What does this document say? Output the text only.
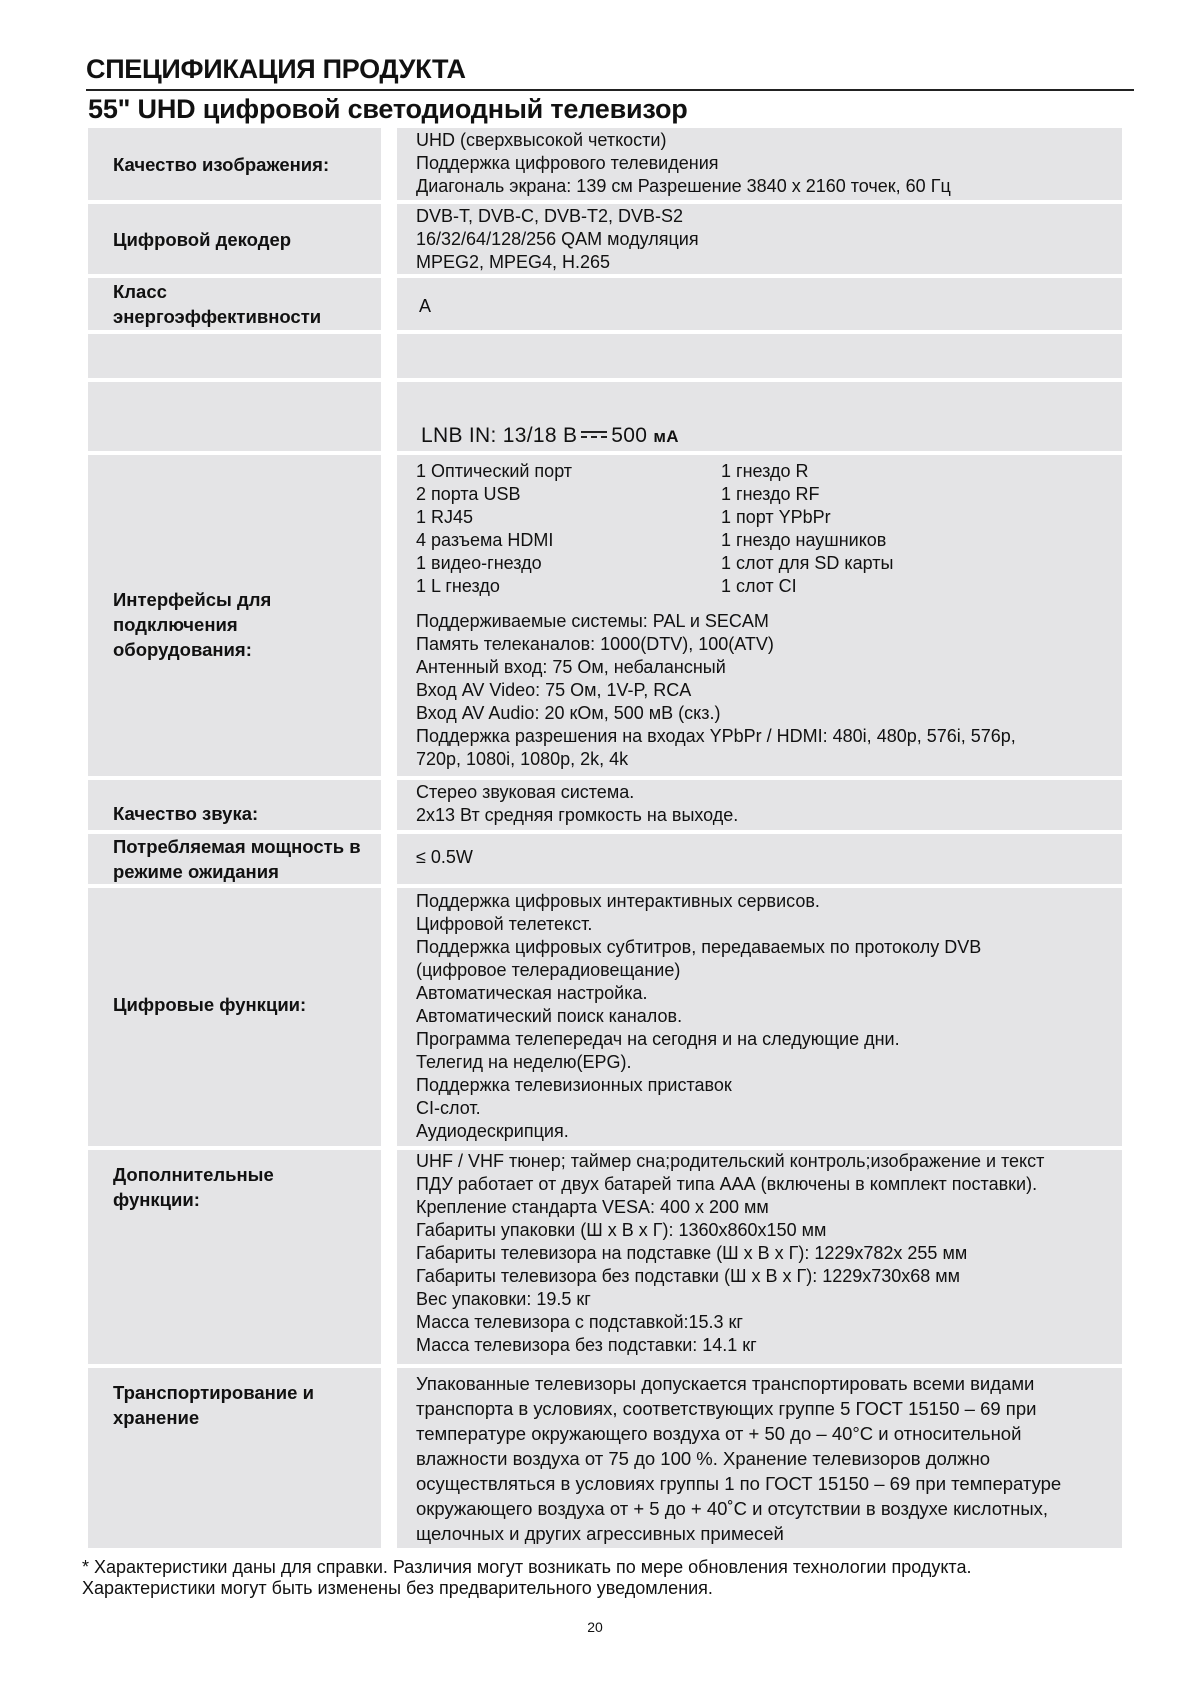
СПЕЦИФИКАЦИЯ ПРОДУКТА
55" UHD цифровой светодиодный телевизор
Качество изображения:
UHD (сверхвысокой четкости)
Поддержка цифрового телевидения
Диагональ экрана: 139 см Разрешение 3840 x 2160 точек, 60 Гц
Цифровой декодер
DVB-T, DVB-C, DVB-T2, DVB-S2
16/32/64/128/256 QAM модуляция
MPEG2, MPEG4, H.265
Класс энергоэффективности	A
LNB IN: 13/18 B 500 мА
Интерфейсы для подключения оборудования:
1 Оптический порт
2 порта USB
1 RJ45
4 разъема HDMI
1 видео-гнездо
1 L гнездо
1 гнездо R
1 гнездо RF
1 порт YPbPr
1 гнездо наушников
1 слот для SD карты
1 слот CI
Поддерживаемые системы: PAL и SECAM
Память телеканалов: 1000(DTV), 100(ATV)
Антенный вход: 75 Ом, небалансный
Вход AV Video: 75 Ом, 1V-P, RCA
Вход AV Audio: 20 кОм, 500 мВ (скз.)
Поддержка разрешения на входах YPbPr / HDMI: 480i, 480p, 576i, 576p,
720p, 1080i, 1080p, 2k, 4k
Качество звука:
Стерео звуковая система.
2x13 Вт средняя громкость на выходе.
Потребляемая мощность в режиме ожидания
≤ 0.5W
Цифровые функции:
Поддержка цифровых интерактивных сервисов.
Цифровой телетекст.
Поддержка цифровых субтитров, передаваемых по протоколу DVB
(цифровое телерадиовещание)
Автоматическая настройка.
Автоматический поиск каналов.
Программа телепередач на сегодня и на следующие дни.
Телегид на неделю(EPG).
Поддержка телевизионных приставок
CI-слот.
Аудиодескрипция.
Дополнительные функции:
UHF / VHF тюнер; таймер сна;родительский контроль;изображение и текст
ПДУ работает от двух батарей типа ААА (включены в комплект поставки).
Крепление стандарта VESA: 400 x 200 мм
Габариты упаковки (Ш х В х Г): 1360x860x150 мм
Габариты телевизора на подставке (Ш х В х Г): 1229x782x 255 мм
Габариты телевизора без подставки (Ш х В х Г): 1229x730x68 мм
Вес упаковки: 19.5 кг
Масса телевизора с подставкой:15.3 кг
Масса телевизора без подставки: 14.1 кг
Транспортирование и хранение
Упакованные телевизоры допускается транспортировать всеми видами
транспорта в условиях, соответствующих группе 5 ГОСТ 15150 – 69 при
температуре окружающего воздуха от + 50 до – 40°С и относительной
влажности воздуха от 75 до 100 %. Хранение телевизоров должно
осуществляться в условиях группы 1 по ГОСТ 15150 – 69 при температуре
окружающего воздуха от + 5 до + 40˚С и отсутствии в воздухе кислотных,
щелочных и других агрессивных примесей
* Характеристики даны для справки. Различия могут возникать по мере обновления технологии продукта.
Характеристики могут быть изменены без предварительного уведомления.
20
